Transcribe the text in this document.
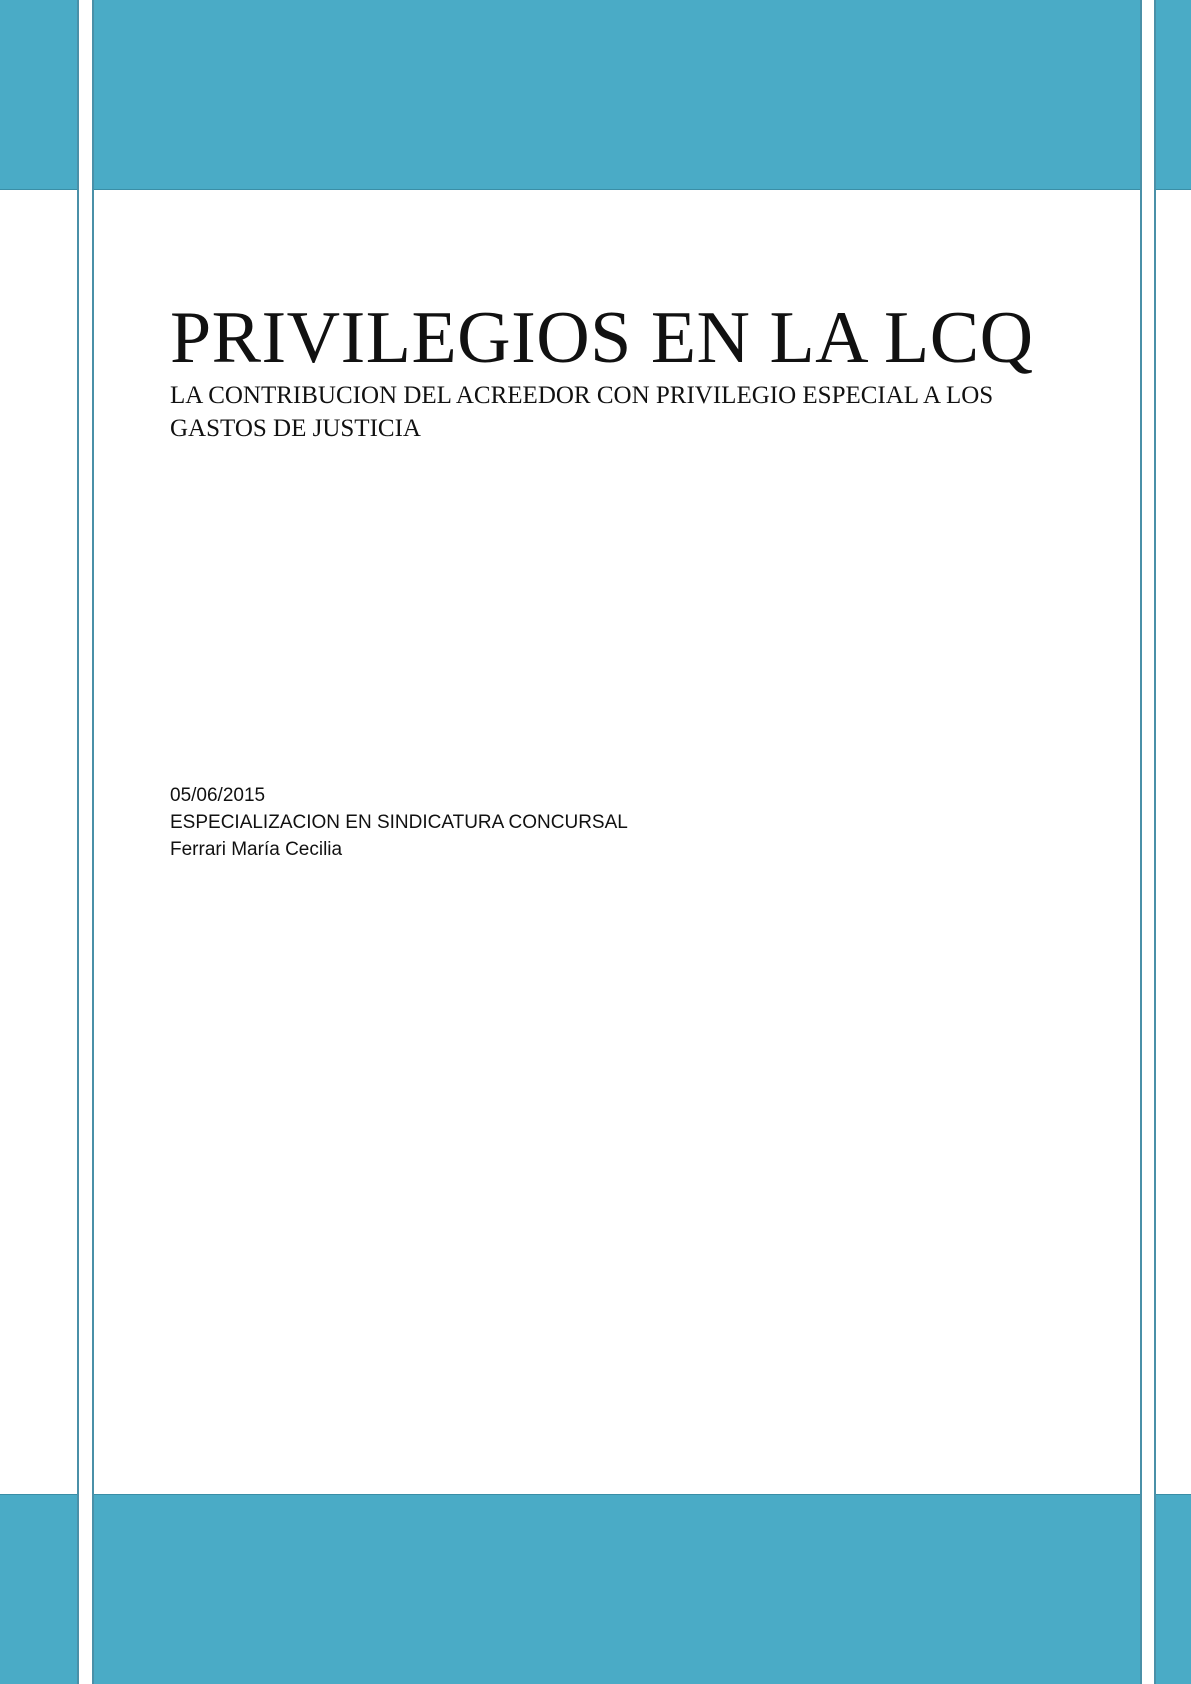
PRIVILEGIOS EN LA LCQ
LA CONTRIBUCION DEL ACREEDOR CON PRIVILEGIO ESPECIAL A LOS GASTOS DE JUSTICIA
05/06/2015
ESPECIALIZACION EN SINDICATURA CONCURSAL
Ferrari María Cecilia
